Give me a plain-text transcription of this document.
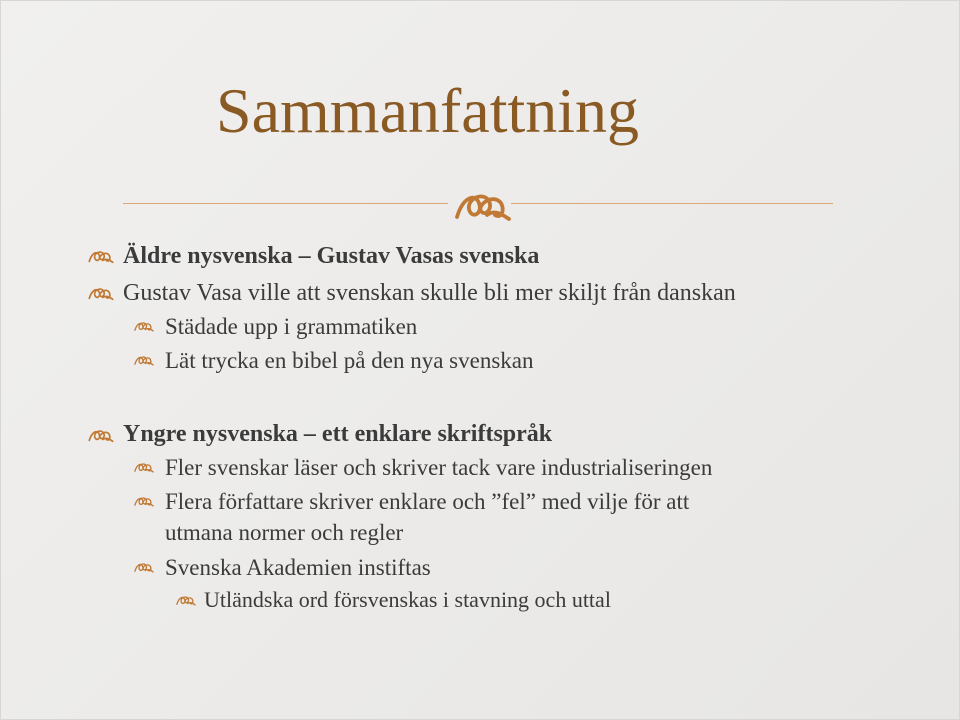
Sammanfattning
Äldre nysvenska – Gustav Vasas svenska
Gustav Vasa ville att svenskan skulle bli mer skiljt från danskan
Städade upp i grammatiken
Lät trycka en bibel på den nya svenskan
Yngre nysvenska – ett enklare skriftspråk
Fler svenskar läser och skriver tack vare industrialiseringen
Flera författare skriver enklare och ”fel” med vilje för att
utmana normer och regler
Svenska Akademien instiftas
Utländska ord försvenskas i stavning och uttal
